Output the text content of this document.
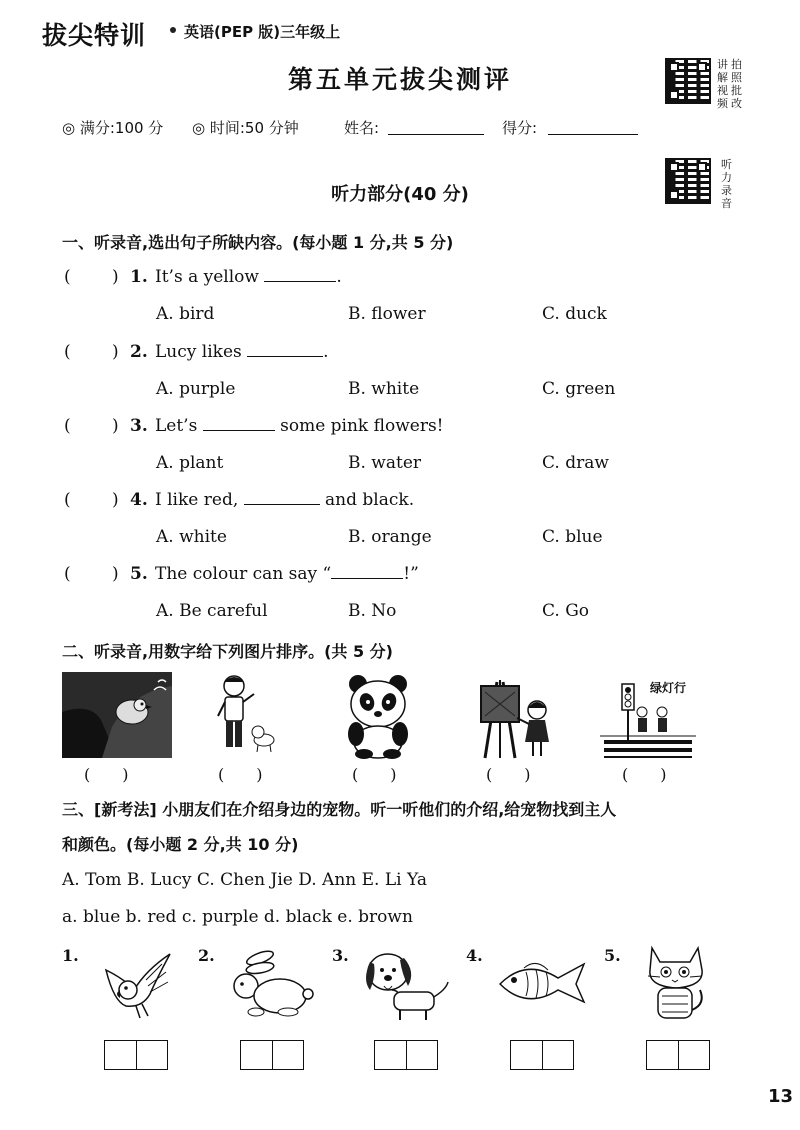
拔尖特训	英语(PEP 版)三年级上
第五单元拔尖测评
讲
解
视
频
拍
照
批
改
听
力
录
音
◎ 满分:100 分 ◎ 时间:50 分钟	姓名:	得分:
听力部分(40 分)
一、听录音,选出句子所缺内容。(每小题 1 分,共 5 分)
( ) 1. It’s a yellow	.
A. bird	B. flower	C. duck
( ) 2. Lucy likes	.
A. purple	B. white	C. green
( ) 3. Let’s	some pink flowers!
A. plant	B. water	C. draw
( ) 4. I like red,	and black.
A. white	B. orange	C. blue
( ) 5. The colour can say “	!”
A. Be careful	B. No	C. Go
二、听录音,用数字给下列图片排序。(共 5 分)
绿灯行
(　　)	(　　)	(　　)	(　　)	(　　)
三、[新考法] 小朋友们在介绍身边的宠物。听一听他们的介绍,给宠物找到主人
和颜色。(每小题 2 分,共 10 分)
A. Tom B. Lucy C. Chen Jie D. Ann E. Li Ya
a. blue b. red c. purple d. black e. brown
1.	2.	3.	4.	5.
13
